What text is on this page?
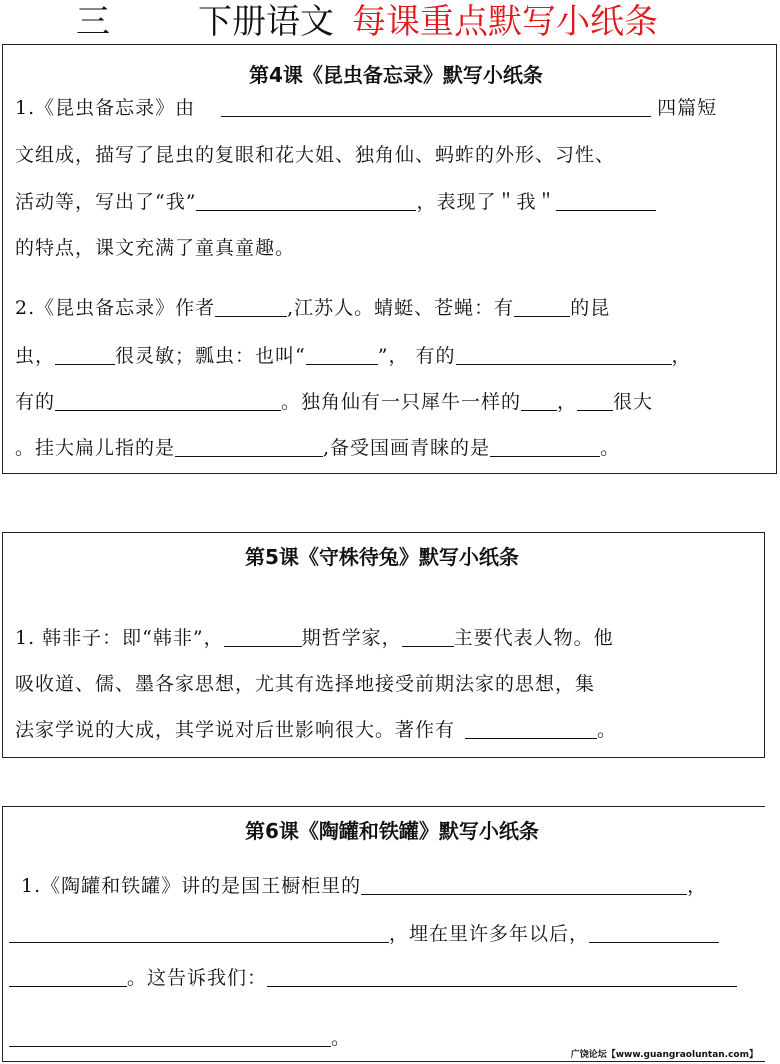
三	下册语文 每课重点默写小纸条
第4课《昆虫备忘录》默写小纸条
1.《昆虫备忘录》由	四篇短
文组成，描写了昆虫的复眼和花大姐、独角仙、蚂蚱的外形、习性、
活动等，写出了“我”	，表现了＂我＂
的特点，课文充满了童真童趣。
2.《昆虫备忘录》作者	,江苏人。蜻蜓、苍蝇：有	的昆
虫，	很灵敏；瓢虫：也叫“	”， 有的	，
有的	。独角仙有一只犀牛一样的 ， 很大
。挂大扁儿指的是	,备受国画青睐的是	。
第5课《守株待兔》默写小纸条
1. 韩非子：即“韩非”，	期哲学家，	主要代表人物。他
吸收道、儒、墨各家思想，尤其有选择地接受前期法家的思想，集
法家学说的大成，其学说对后世影响很大。著作有	。
第6课《陶罐和铁罐》默写小纸条
1.《陶罐和铁罐》讲的是国王橱柜里的	，
，埋在里许多年以后，
。这告诉我们：
。
广饶论坛【www.guangraoluntan.com】
